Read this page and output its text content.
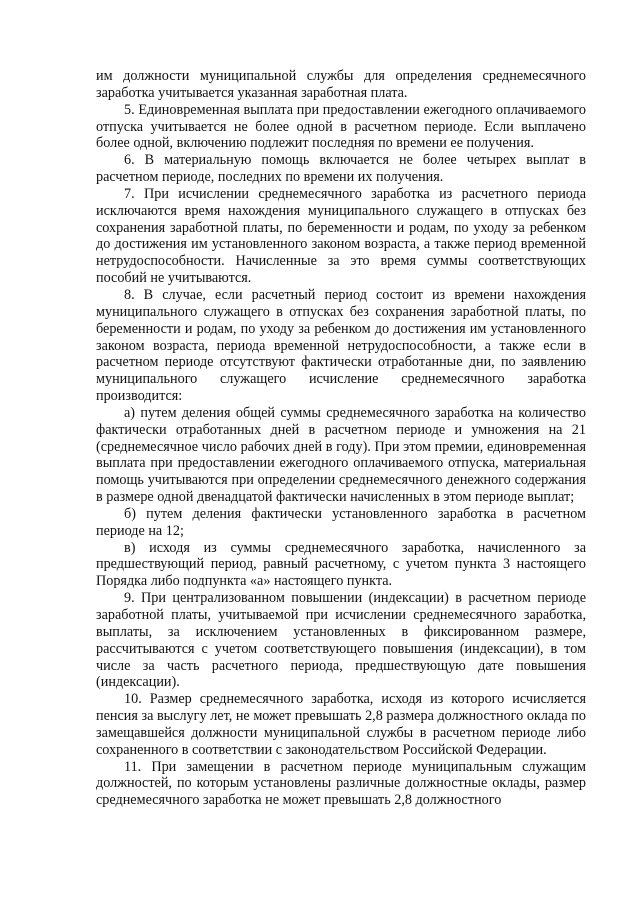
им должности муниципальной службы для определения среднемесячного заработка учитывается указанная заработная плата.

5. Единовременная выплата при предоставлении ежегодного оплачиваемого отпуска учитывается не более одной в расчетном периоде. Если выплачено более одной, включению подлежит последняя по времени ее получения.

6. В материальную помощь включается не более четырех выплат в расчетном периоде, последних по времени их получения.

7. При исчислении среднемесячного заработка из расчетного периода исключаются время нахождения муниципального служащего в отпусках без сохранения заработной платы, по беременности и родам, по уходу за ребенком до достижения им установленного законом возраста, а также период временной нетрудоспособности. Начисленные за это время суммы соответствующих пособий не учитываются.

8. В случае, если расчетный период состоит из времени нахождения муниципального служащего в отпусках без сохранения заработной платы, по беременности и родам, по уходу за ребенком до достижения им установленного законом возраста, периода временной нетрудоспособности, а также если в расчетном периоде отсутствуют фактически отработанные дни, по заявлению муниципального служащего исчисление среднемесячного заработка производится:

а) путем деления общей суммы среднемесячного заработка на количество фактически отработанных дней в расчетном периоде и умножения на 21 (среднемесячное число рабочих дней в году). При этом премии, единовременная выплата при предоставлении ежегодного оплачиваемого отпуска, материальная помощь учитываются при определении среднемесячного денежного содержания в размере одной двенадцатой фактически начисленных в этом периоде выплат;

б) путем деления фактически установленного заработка в расчетном периоде на 12;

в) исходя из суммы среднемесячного заработка, начисленного за предшествующий период, равный расчетному, с учетом пункта 3 настоящего Порядка либо подпункта «а» настоящего пункта.

9. При централизованном повышении (индексации) в расчетном периоде заработной платы, учитываемой при исчислении среднемесячного заработка, выплаты, за исключением установленных в фиксированном размере, рассчитываются с учетом соответствующего повышения (индексации), в том числе за часть расчетного периода, предшествующую дате повышения (индексации).

10. Размер среднемесячного заработка, исходя из которого исчисляется пенсия за выслугу лет, не может превышать 2,8 размера должностного оклада по замещавшейся должности муниципальной службы в расчетном периоде либо сохраненного в соответствии с законодательством Российской Федерации.

11. При замещении в расчетном периоде муниципальным служащим должностей, по которым установлены различные должностные оклады, размер среднемесячного заработка не может превышать 2,8 должностного
